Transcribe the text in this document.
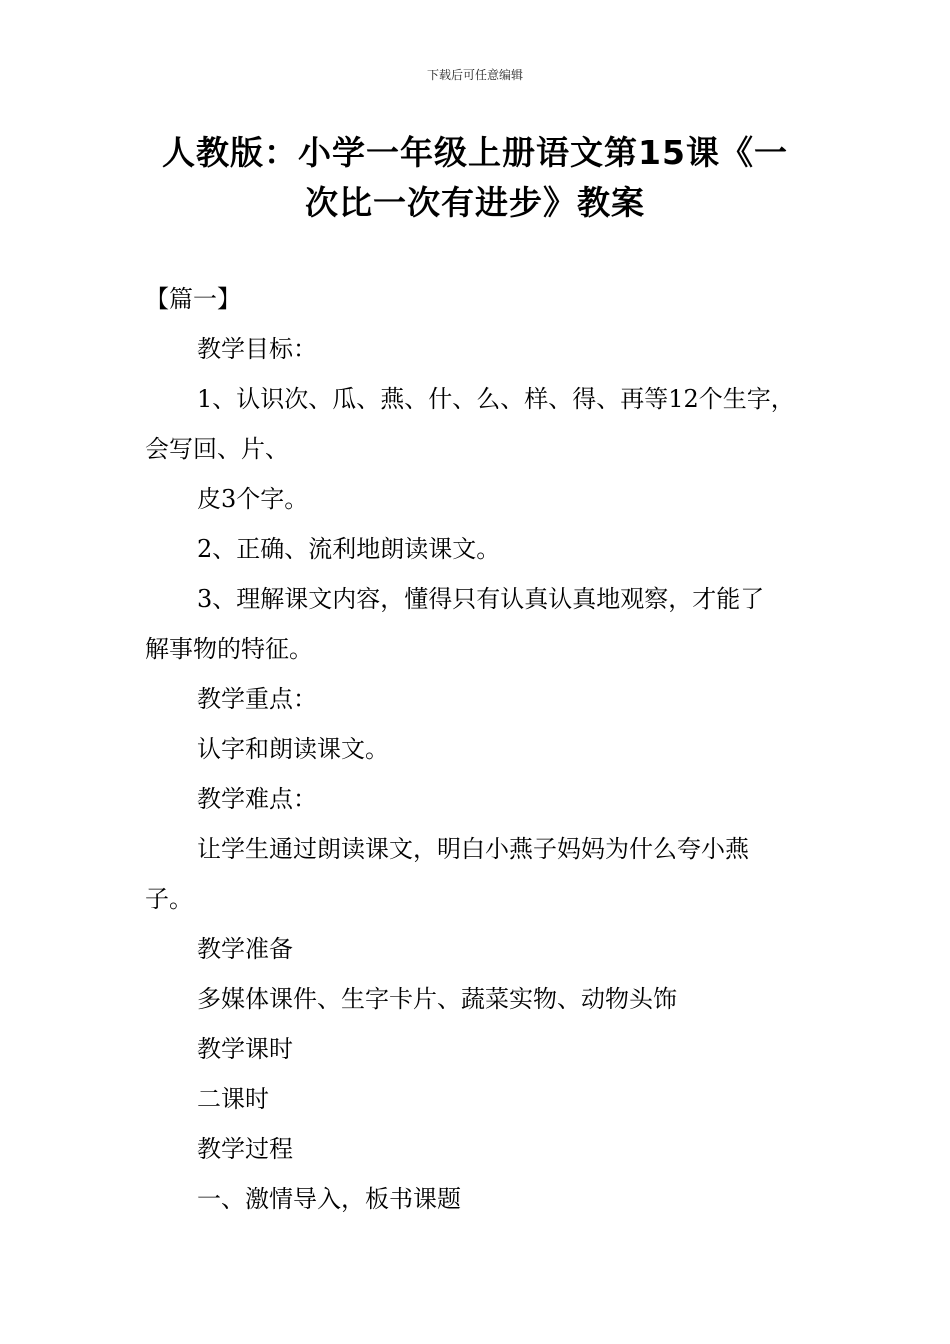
下载后可任意编辑
人教版：小学一年级上册语文第15课《一
次比一次有进步》教案

【篇一】

教学目标：

1、认识次、瓜、燕、什、么、样、得、再等12个生字，

会写回、片、

皮3个字。

2、正确、流利地朗读课文。

3、理解课文内容，懂得只有认真认真地观察，才能了

解事物的特征。

教学重点：

认字和朗读课文。

教学难点：

让学生通过朗读课文，明白小燕子妈妈为什么夸小燕

子。

教学准备

多媒体课件、生字卡片、蔬菜实物、动物头饰

教学课时

二课时

教学过程

一、激情导入，板书课题
